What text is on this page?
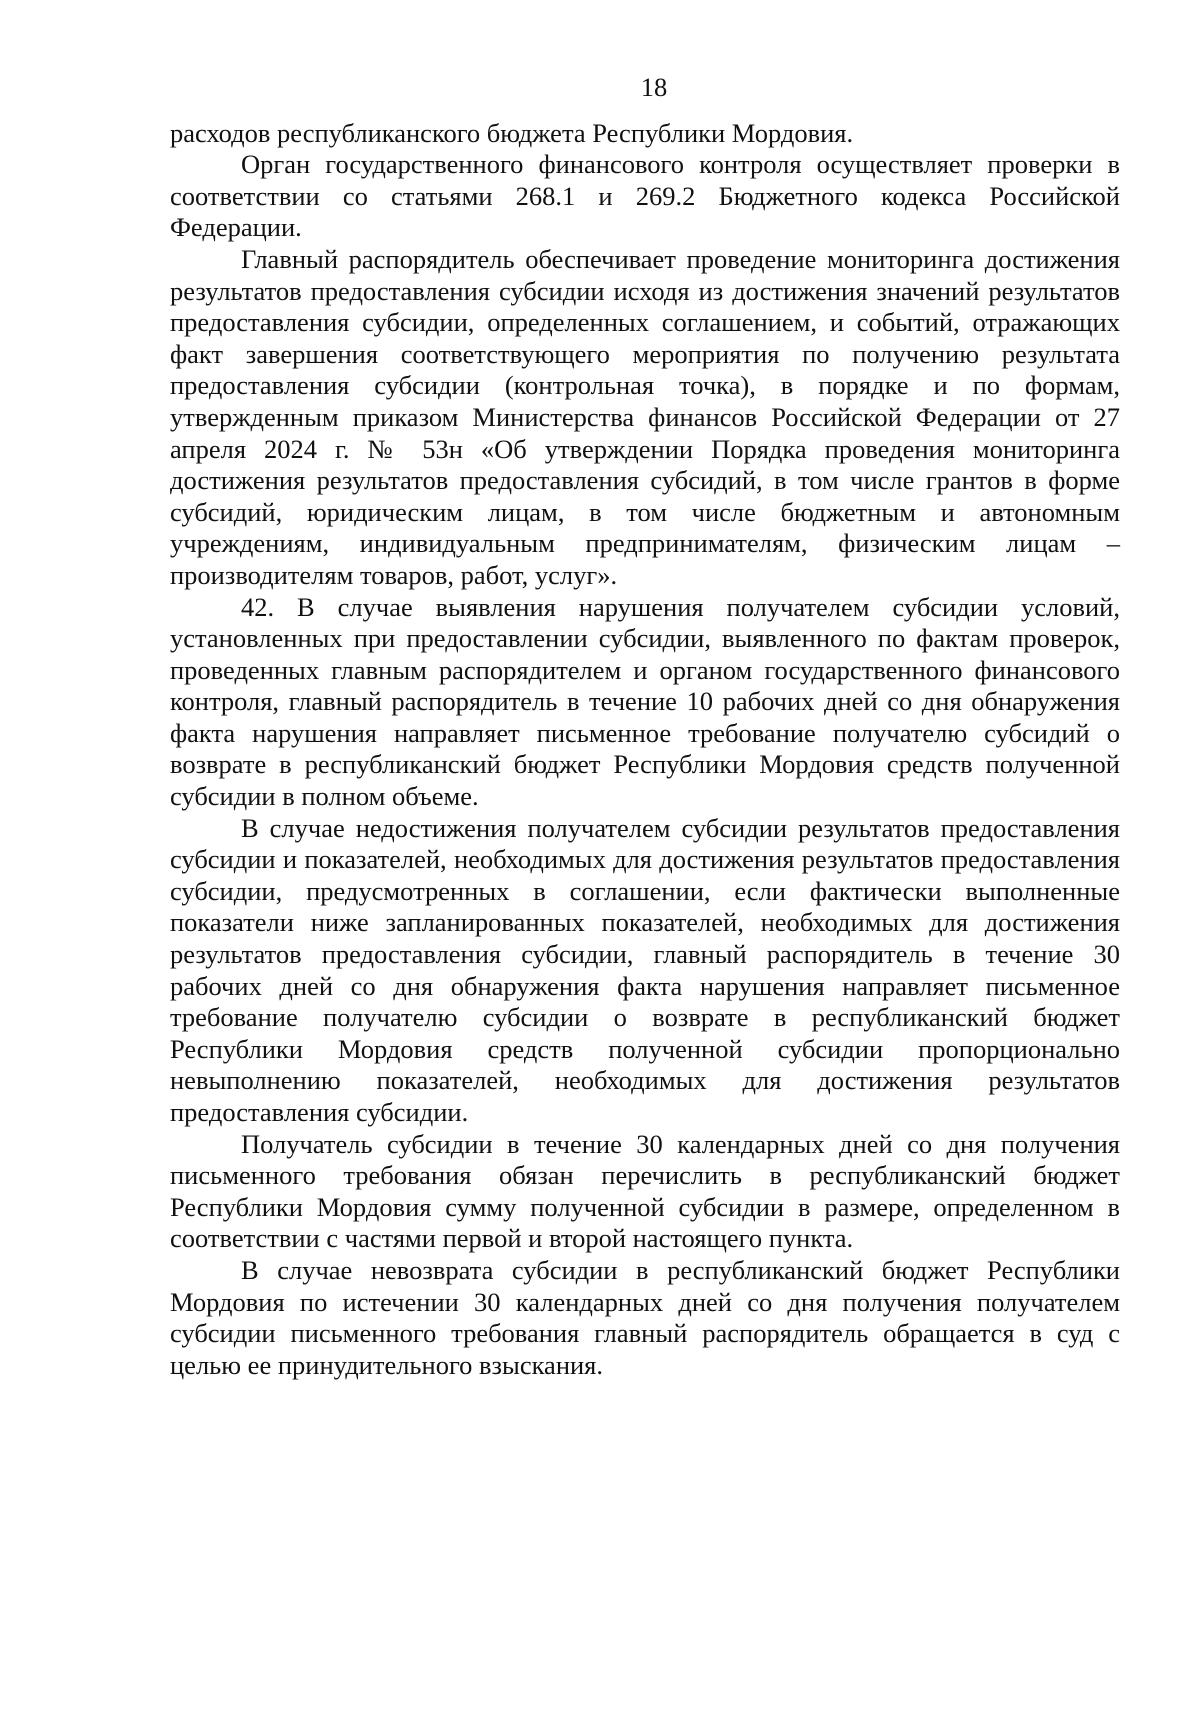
18

расходов республиканского бюджета Республики Мордовия.

Орган государственного финансового контроля осуществляет проверки в соответствии со статьями 268.1 и 269.2 Бюджетного кодекса Российской Федерации.

Главный распорядитель обеспечивает проведение мониторинга достижения результатов предоставления субсидии исходя из достижения значений результатов предоставления субсидии, определенных соглашением, и событий, отражающих факт завершения соответствующего мероприятия по получению результата предоставления субсидии (контрольная точка), в порядке и по формам, утвержденным приказом Министерства финансов Российской Федерации от 27 апреля 2024 г. № 53н «Об утверждении Порядка проведения мониторинга достижения результатов предоставления субсидий, в том числе грантов в форме субсидий, юридическим лицам, в том числе бюджетным и автономным учреждениям, индивидуальным предпринимателям, физическим лицам – производителям товаров, работ, услуг».

42. В случае выявления нарушения получателем субсидии условий, установленных при предоставлении субсидии, выявленного по фактам проверок, проведенных главным распорядителем и органом государственного финансового контроля, главный распорядитель в течение 10 рабочих дней со дня обнаружения факта нарушения направляет письменное требование получателю субсидий о возврате в республиканский бюджет Республики Мордовия средств полученной субсидии в полном объеме.

В случае недостижения получателем субсидии результатов предоставления субсидии и показателей, необходимых для достижения результатов предоставления субсидии, предусмотренных в соглашении, если фактически выполненные показатели ниже запланированных показателей, необходимых для достижения результатов предоставления субсидии, главный распорядитель в течение 30 рабочих дней со дня обнаружения факта нарушения направляет письменное требование получателю субсидии о возврате в республиканский бюджет Республики Мордовия средств полученной субсидии пропорционально невыполнению показателей, необходимых для достижения результатов предоставления субсидии.

Получатель субсидии в течение 30 календарных дней со дня получения письменного требования обязан перечислить в республиканский бюджет Республики Мордовия сумму полученной субсидии в размере, определенном в соответствии с частями первой и второй настоящего пункта.

В случае невозврата субсидии в республиканский бюджет Республики Мордовия по истечении 30 календарных дней со дня получения получателем субсидии письменного требования главный распорядитель обращается в суд с целью ее принудительного взыскания.
